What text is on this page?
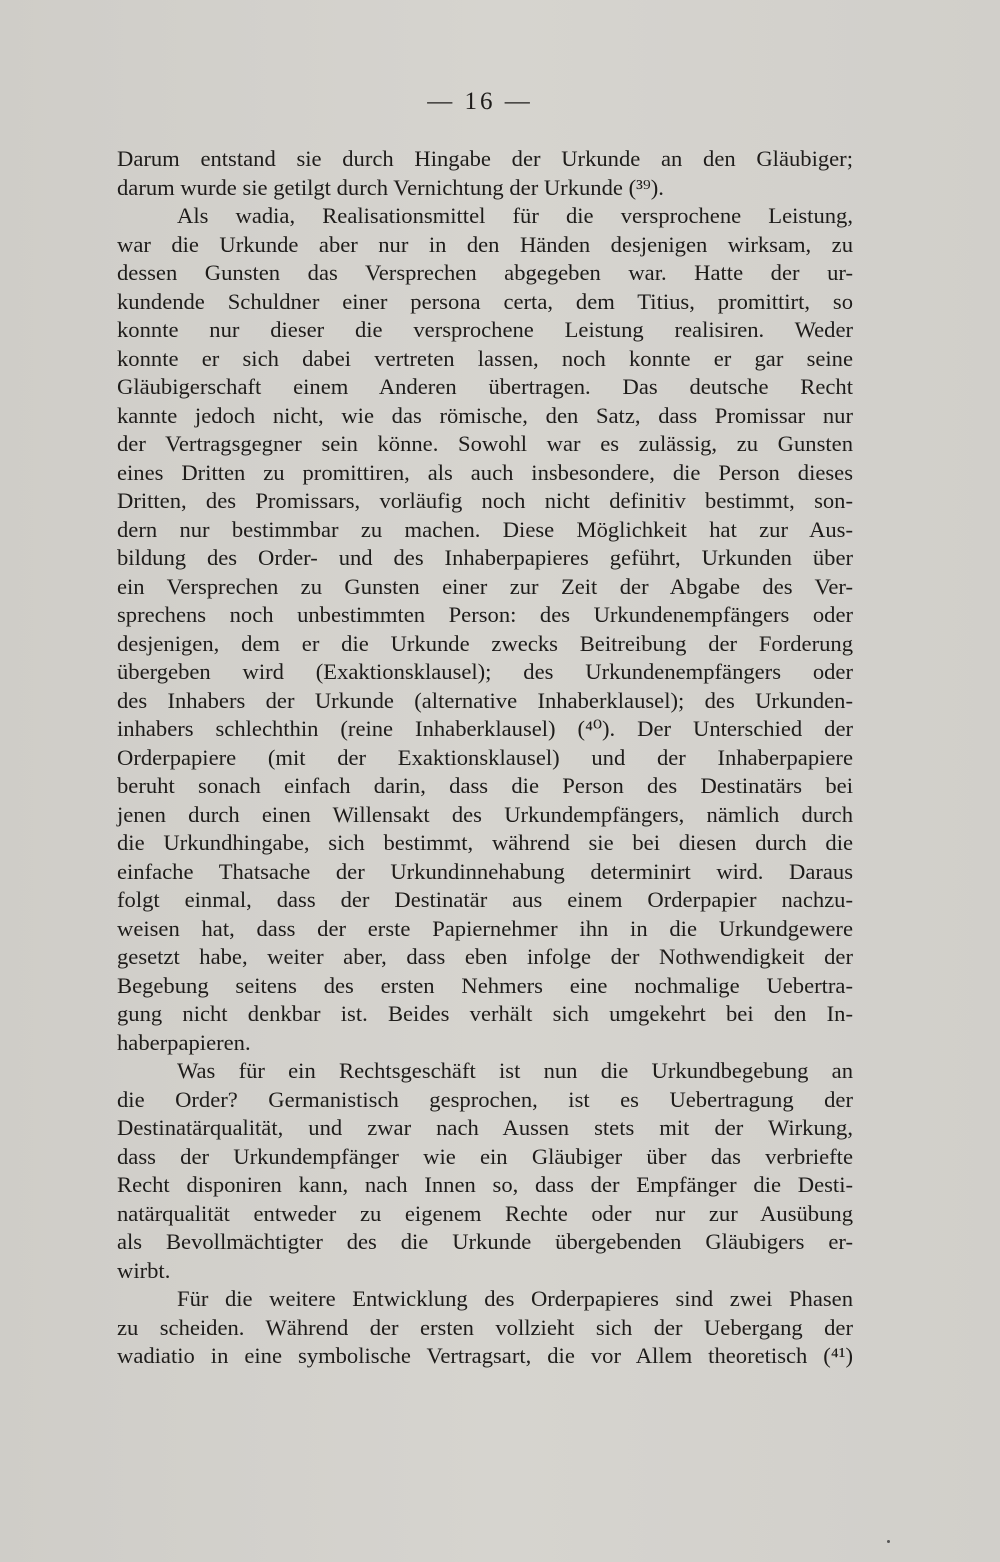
— 16 —
Darum entstand sie durch Hingabe der Urkunde an den Gläubiger;
darum wurde sie getilgt durch Vernichtung der Urkunde (³⁹).
Als wadia, Realisationsmittel für die versprochene Leistung,
war die Urkunde aber nur in den Händen desjenigen wirksam, zu
dessen Gunsten das Versprechen abgegeben war. Hatte der ur-
kundende Schuldner einer persona certa, dem Titius, promittirt, so
konnte nur dieser die versprochene Leistung realisiren. Weder
konnte er sich dabei vertreten lassen, noch konnte er gar seine
Gläubigerschaft einem Anderen übertragen. Das deutsche Recht
kannte jedoch nicht, wie das römische, den Satz, dass Promissar nur
der Vertragsgegner sein könne. Sowohl war es zulässig, zu Gunsten
eines Dritten zu promittiren, als auch insbesondere, die Person dieses
Dritten, des Promissars, vorläufig noch nicht definitiv bestimmt, son-
dern nur bestimmbar zu machen. Diese Möglichkeit hat zur Aus-
bildung des Order- und des Inhaberpapieres geführt, Urkunden über
ein Versprechen zu Gunsten einer zur Zeit der Abgabe des Ver-
sprechens noch unbestimmten Person: des Urkundenempfängers oder
desjenigen, dem er die Urkunde zwecks Beitreibung der Forderung
übergeben wird (Exaktionsklausel); des Urkundenempfängers oder
des Inhabers der Urkunde (alternative Inhaberklausel); des Urkunden-
inhabers schlechthin (reine Inhaberklausel) (⁴⁰). Der Unterschied der
Orderpapiere (mit der Exaktionsklausel) und der Inhaberpapiere
beruht sonach einfach darin, dass die Person des Destinatärs bei
jenen durch einen Willensakt des Urkundempfängers, nämlich durch
die Urkundhingabe, sich bestimmt, während sie bei diesen durch die
einfache Thatsache der Urkundinnehabung determinirt wird. Daraus
folgt einmal, dass der Destinatär aus einem Orderpapier nachzu-
weisen hat, dass der erste Papiernehmer ihn in die Urkundgewere
gesetzt habe, weiter aber, dass eben infolge der Nothwendigkeit der
Begebung seitens des ersten Nehmers eine nochmalige Uebertra-
gung nicht denkbar ist. Beides verhält sich umgekehrt bei den In-
haberpapieren.
Was für ein Rechtsgeschäft ist nun die Urkundbegebung an
die Order? Germanistisch gesprochen, ist es Uebertragung der
Destinatärqualität, und zwar nach Aussen stets mit der Wirkung,
dass der Urkundempfänger wie ein Gläubiger über das verbriefte
Recht disponiren kann, nach Innen so, dass der Empfänger die Desti-
natärqualität entweder zu eigenem Rechte oder nur zur Ausübung
als Bevollmächtigter des die Urkunde übergebenden Gläubigers er-
wirbt.
Für die weitere Entwicklung des Orderpapieres sind zwei Phasen
zu scheiden. Während der ersten vollzieht sich der Uebergang der
wadiatio in eine symbolische Vertragsart, die vor Allem theoretisch (⁴¹)
